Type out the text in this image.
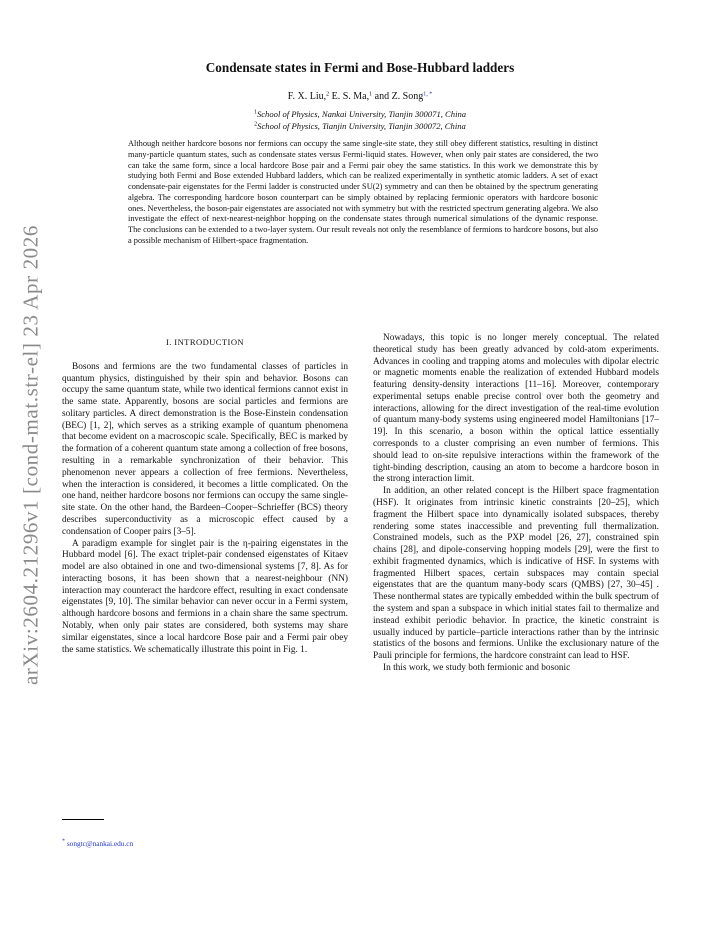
arXiv:2604.21296v1 [cond-mat.str-el] 23 Apr 2026
Condensate states in Fermi and Bose-Hubbard ladders
F. X. Liu,$^2$ E. S. Ma,$^1$ and Z. Song$^{1, *}$
$^1$School of Physics, Nankai University, Tianjin 300071, China
$^2$School of Physics, Tianjin University, Tianjin 300072, China
Although neither hardcore bosons nor fermions can occupy the same single-site state, they still obey different statistics, resulting in distinct many-particle quantum states, such as condensate states versus Fermi-liquid states. However, when only pair states are considered, the two can take the same form, since a local hardcore Bose pair and a Fermi pair obey the same statistics. In this work we demonstrate this by studying both Fermi and Bose extended Hubbard ladders, which can be realized experimentally in synthetic atomic ladders. A set of exact condensate-pair eigenstates for the Fermi ladder is constructed under SU(2) symmetry and can then be obtained by the spectrum generating algebra. The corresponding hardcore boson counterpart can be simply obtained by replacing fermionic operators with hardcore bosonic ones. Nevertheless, the boson-pair eigenstates are associated not with symmetry but with the restricted spectrum generating algebra. We also investigate the effect of next-nearest-neighbor hopping on the condensate states through numerical simulations of the dynamic response. The conclusions can be extended to a two-layer system. Our result reveals not only the resemblance of fermions to hardcore bosons, but also a possible mechanism of Hilbert-space fragmentation.
I. INTRODUCTION

Bosons and fermions are the two fundamental classes of particles in quantum physics, distinguished by their spin and behavior. Bosons can occupy the same quantum state, while two identical fermions cannot exist in the same state. Apparently, bosons are social particles and fermions are solitary particles. A direct demonstration is the Bose-Einstein condensation (BEC) [1, 2], which serves as a striking example of quantum phenomena that become evident on a macroscopic scale. Specifically, BEC is marked by the formation of a coherent quantum state among a collection of free bosons, resulting in a remarkable synchronization of their behavior. This phenomenon never appears a collection of free fermions. Nevertheless, when the interaction is considered, it becomes a little complicated. On the one hand, neither hardcore bosons nor fermions can occupy the same single-site state. On the other hand, the Bardeen–Cooper–Schrieffer (BCS) theory describes superconductivity as a microscopic effect caused by a condensation of Cooper pairs [3–5].

A paradigm example for singlet pair is the η-pairing eigenstates in the Hubbard model [6]. The exact triplet-pair condensed eigenstates of Kitaev model are also obtained in one and two-dimensional systems [7, 8]. As for interacting bosons, it has been shown that a nearest-neighbour (NN) interaction may counteract the hardcore effect, resulting in exact condensate eigenstates [9, 10]. The similar behavior can never occur in a Fermi system, although hardcore bosons and fermions in a chain share the same spectrum. Notably, when only pair states are considered, both systems may share similar eigenstates, since a local hardcore Bose pair and a Fermi pair obey the same statistics. We schematically illustrate this point in Fig. 1.

Nowadays, this topic is no longer merely conceptual. The related theoretical study has been greatly advanced by cold-atom experiments. Advances in cooling and trapping atoms and molecules with dipolar electric or magnetic moments enable the realization of extended Hubbard models featuring density-density interactions [11–16]. Moreover, contemporary experimental setups enable precise control over both the geometry and interactions, allowing for the direct investigation of the real-time evolution of quantum many-body systems using engineered model Hamiltonians [17–19]. In this scenario, a boson within the optical lattice essentially corresponds to a cluster comprising an even number of fermions. This should lead to on-site repulsive interactions within the framework of the tight-binding description, causing an atom to become a hardcore boson in the strong interaction limit.

In addition, an other related concept is the Hilbert space fragmentation (HSF). It originates from intrinsic kinetic constraints [20–25], which fragment the Hilbert space into dynamically isolated subspaces, thereby rendering some states inaccessible and preventing full thermalization. Constrained models, such as the PXP model [26, 27], constrained spin chains [28], and dipole-conserving hopping models [29], were the first to exhibit fragmented dynamics, which is indicative of HSF. In systems with fragmented Hilbert spaces, certain subspaces may contain special eigenstates that are the quantum many-body scars (QMBS) [27, 30–45] . These nonthermal states are typically embedded within the bulk spectrum of the system and span a subspace in which initial states fail to thermalize and instead exhibit periodic behavior. In practice, the kinetic constraint is usually induced by particle–particle interactions rather than by the intrinsic statistics of the bosons and fermions. Unlike the exclusionary nature of the Pauli principle for fermions, the hardcore constraint can lead to HSF.

In this work, we study both fermionic and bosonic

* songtc@nankai.edu.cn
